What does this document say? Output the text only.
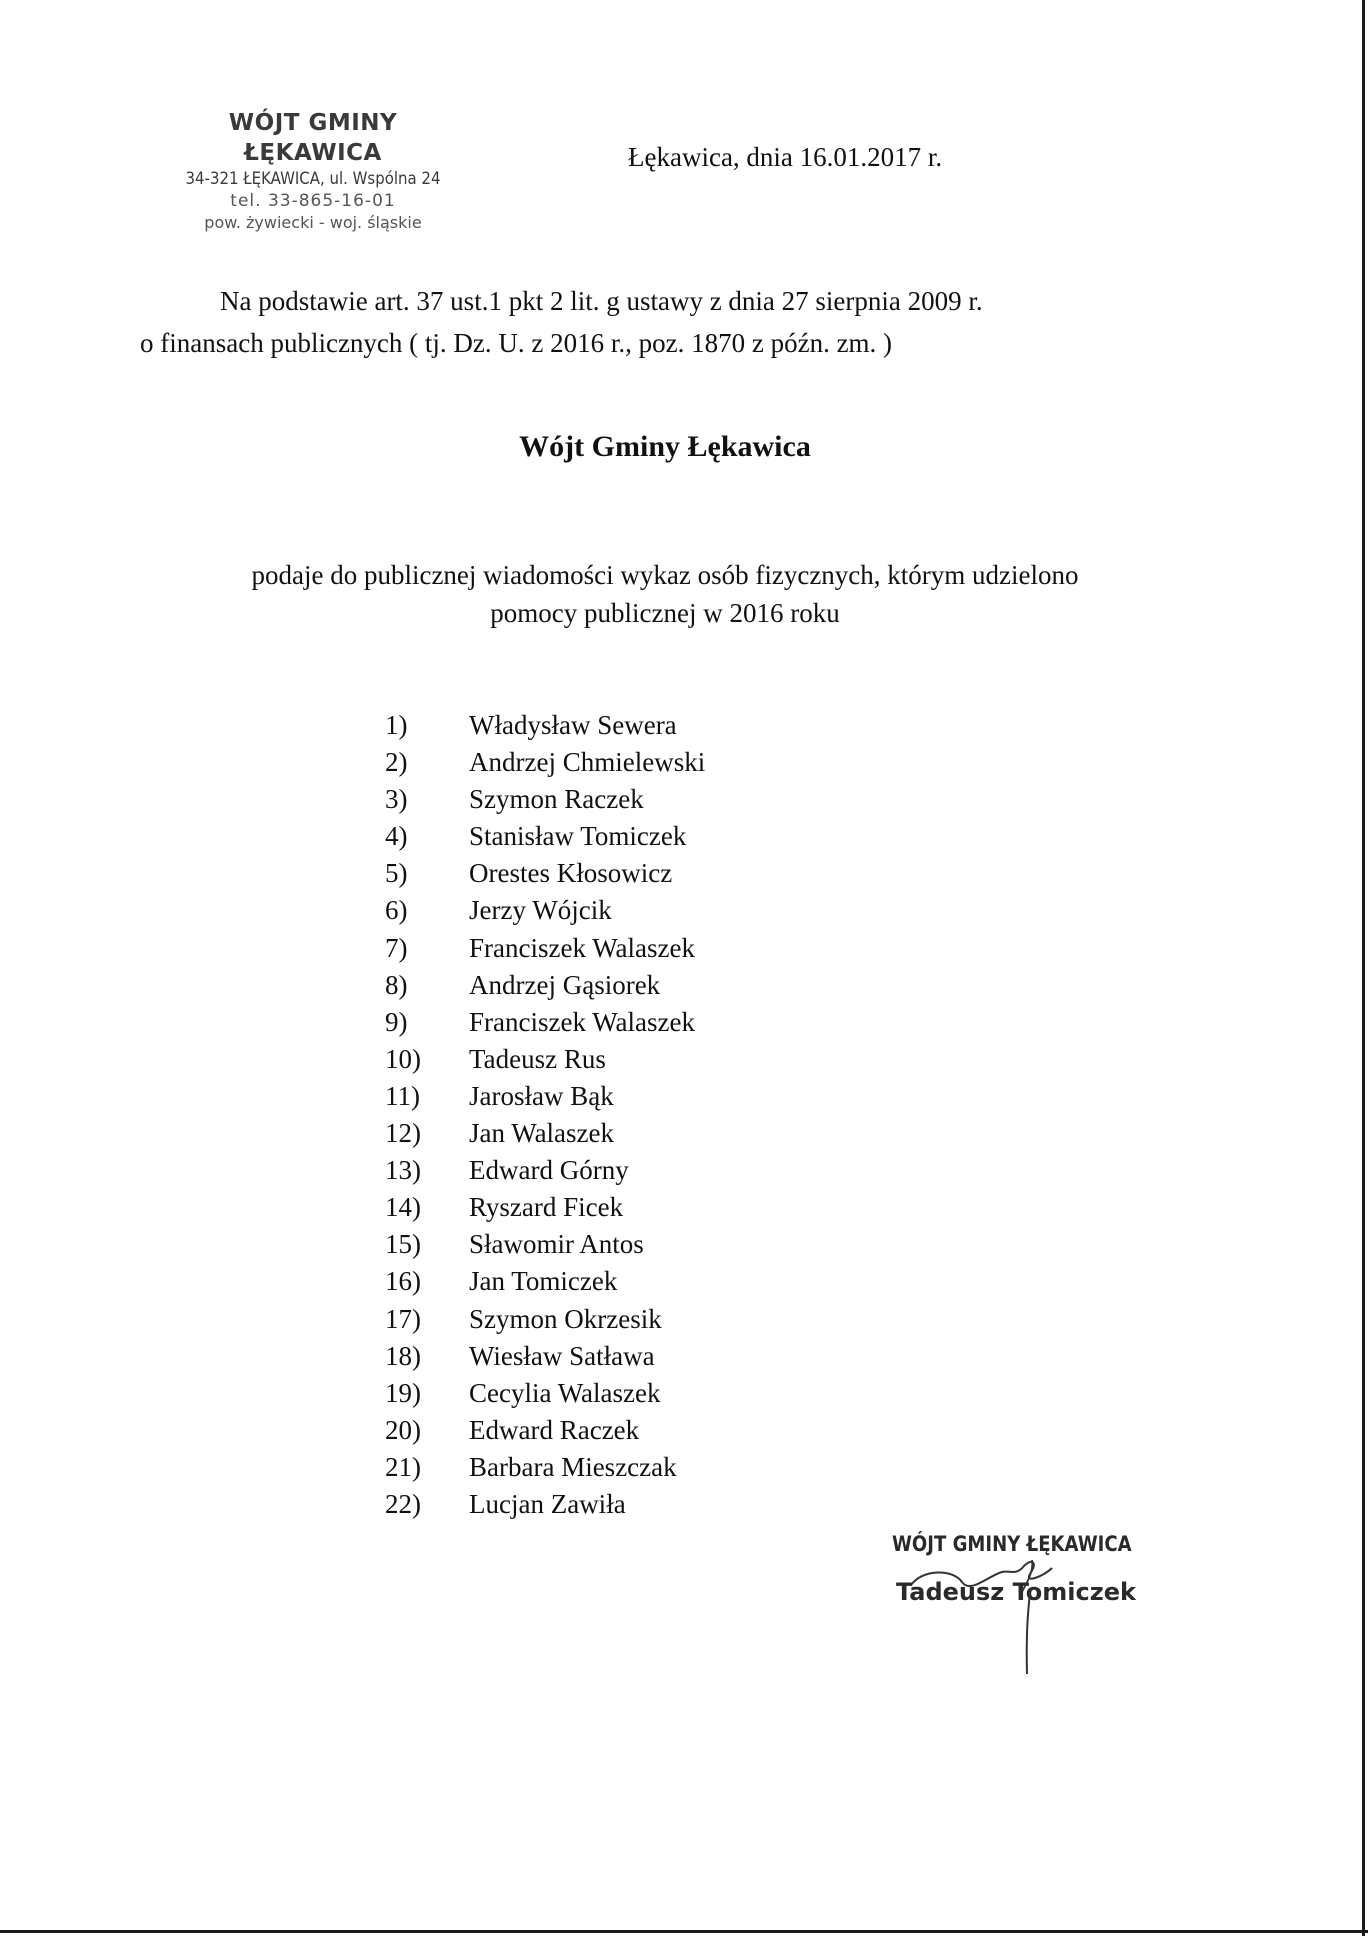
WÓJT GMINY ŁĘKAWICA
34-321 ŁĘKAWICA, ul. Wspólna 24
tel. 33-865-16-01
pow. żywiecki - woj. śląskie
Łękawica, dnia 16.01.2017 r.
Na podstawie art. 37 ust.1 pkt 2 lit. g ustawy z dnia 27 sierpnia 2009 r.
o finansach publicznych ( tj. Dz. U. z 2016 r., poz. 1870 z późn. zm. )
Wójt Gminy Łękawica
podaje do publicznej wiadomości wykaz osób fizycznych, którym udzielono
pomocy publicznej w 2016 roku
1) Władysław Sewera
2) Andrzej Chmielewski
3) Szymon Raczek
4) Stanisław Tomiczek
5) Orestes Kłosowicz
6) Jerzy Wójcik
7) Franciszek Walaszek
8) Andrzej Gąsiorek
9) Franciszek Walaszek
10) Tadeusz Rus
11) Jarosław Bąk
12) Jan Walaszek
13) Edward Górny
14) Ryszard Ficek
15) Sławomir Antos
16) Jan Tomiczek
17) Szymon Okrzesik
18) Wiesław Satława
19) Cecylia Walaszek
20) Edward Raczek
21) Barbara Mieszczak
22) Lucjan Zawiła
WÓJT GMINY ŁĘKAWICA
Tadeusz Tomiczek
